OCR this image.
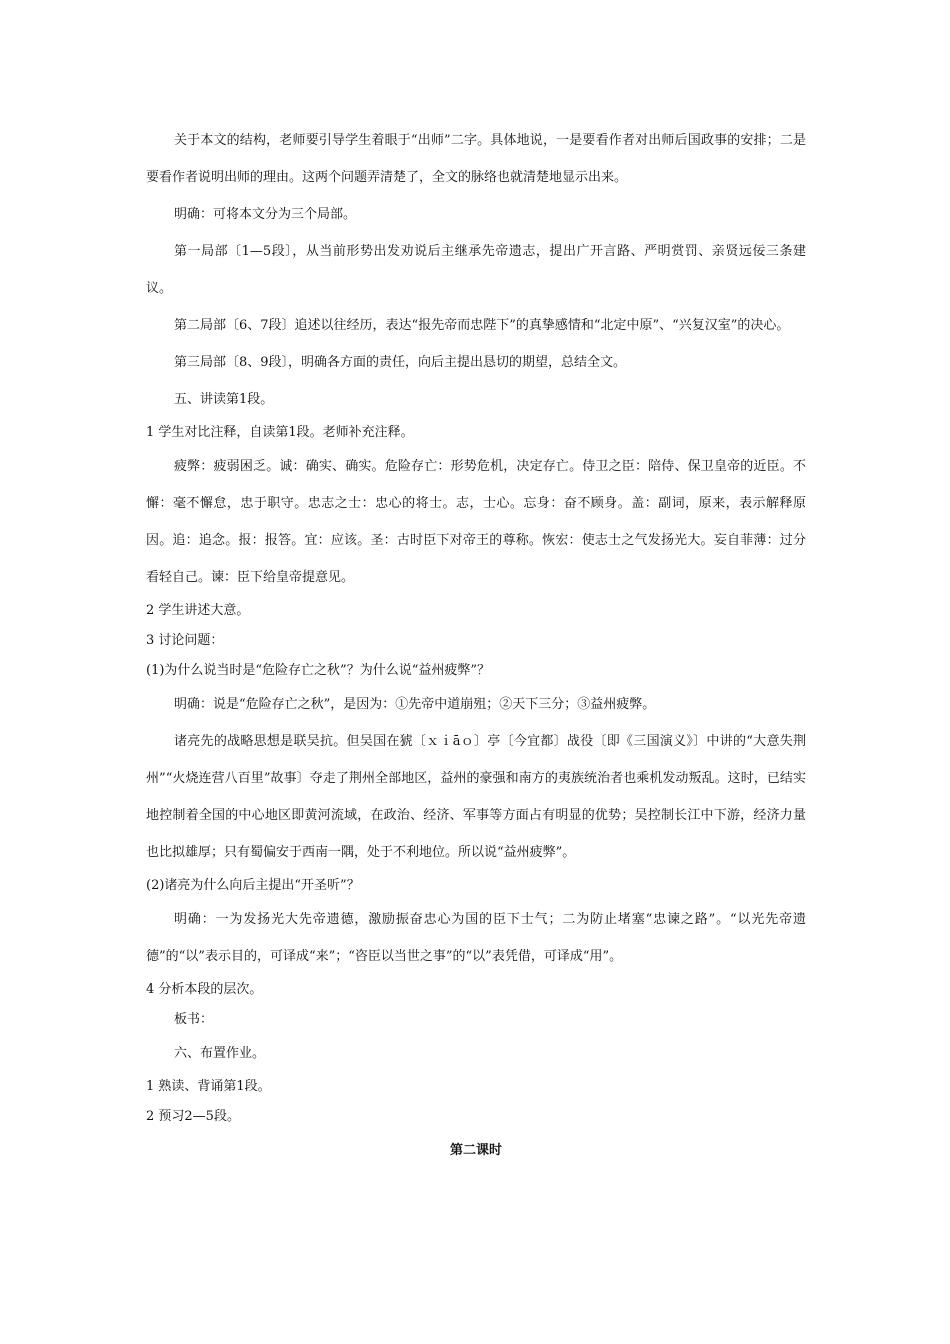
关于本文的结构，老师要引导学生着眼于“出师”二字。具体地说，一是要看作者对出师后国政事的安排；二是要看作者说明出师的理由。这两个问题弄清楚了，全文的脉络也就清楚地显示出来。

明确：可将本文分为三个局部。

第一局部〔1—5段〕，从当前形势出发劝说后主继承先帝遗志，提出广开言路、严明赏罚、亲贤远佞三条建议。

第二局部〔6、7段〕追述以往经历，表达“报先帝而忠陛下”的真挚感情和“北定中原”、“兴复汉室”的决心。

第三局部〔8、9段〕，明确各方面的责任，向后主提出恳切的期望，总结全文。

五、讲读第1段。

1 学生对比注释，自读第1段。老师补充注释。

疲弊：疲弱困乏。诚：确实、确实。危险存亡：形势危机，决定存亡。侍卫之臣：陪侍、保卫皇帝的近臣。不懈：毫不懈怠，忠于职守。忠志之士：忠心的将士。志，士心。忘身：奋不顾身。盖：副词，原来，表示解释原因。追：追念。报：报答。宜：应该。圣：古时臣下对帝王的尊称。恢宏：使志士之气发扬光大。妄自菲薄：过分看轻自己。谏：臣下给皇帝提意见。

2 学生讲述大意。

3 讨论问题：

(1)为什么说当时是“危险存亡之秋”？为什么说“益州疲弊”？

明确：说是“危险存亡之秋”，是因为：①先帝中道崩殂；②天下三分；③益州疲弊。

诸亮先的战略思想是联吴抗。但吴国在猇〔ｘｉāｏ〕亭〔今宜都〕战役〔即《三国演义》〕中讲的“大意失荆州”“火烧连营八百里”故事〕夺走了荆州全部地区，益州的豪强和南方的夷族统治者也乘机发动叛乱。这时，已结实地控制着全国的中心地区即黄河流域，在政治、经济、军事等方面占有明显的优势；吴控制长江中下游，经济力量也比拟雄厚；只有蜀偏安于西南一隅，处于不利地位。所以说“益州疲弊”。

(2)诸亮为什么向后主提出“开圣听”？

明确：一为发扬光大先帝遗德，激励振奋忠心为国的臣下士气；二为防止堵塞“忠谏之路”。“以光先帝遗德”的“以”表示目的，可译成“来”；“咨臣以当世之事”的“以”表凭借，可译成“用”。

4 分析本段的层次。

板书：

六、布置作业。

1 熟读、背诵第1段。

2 预习2—5段。

第二课时
